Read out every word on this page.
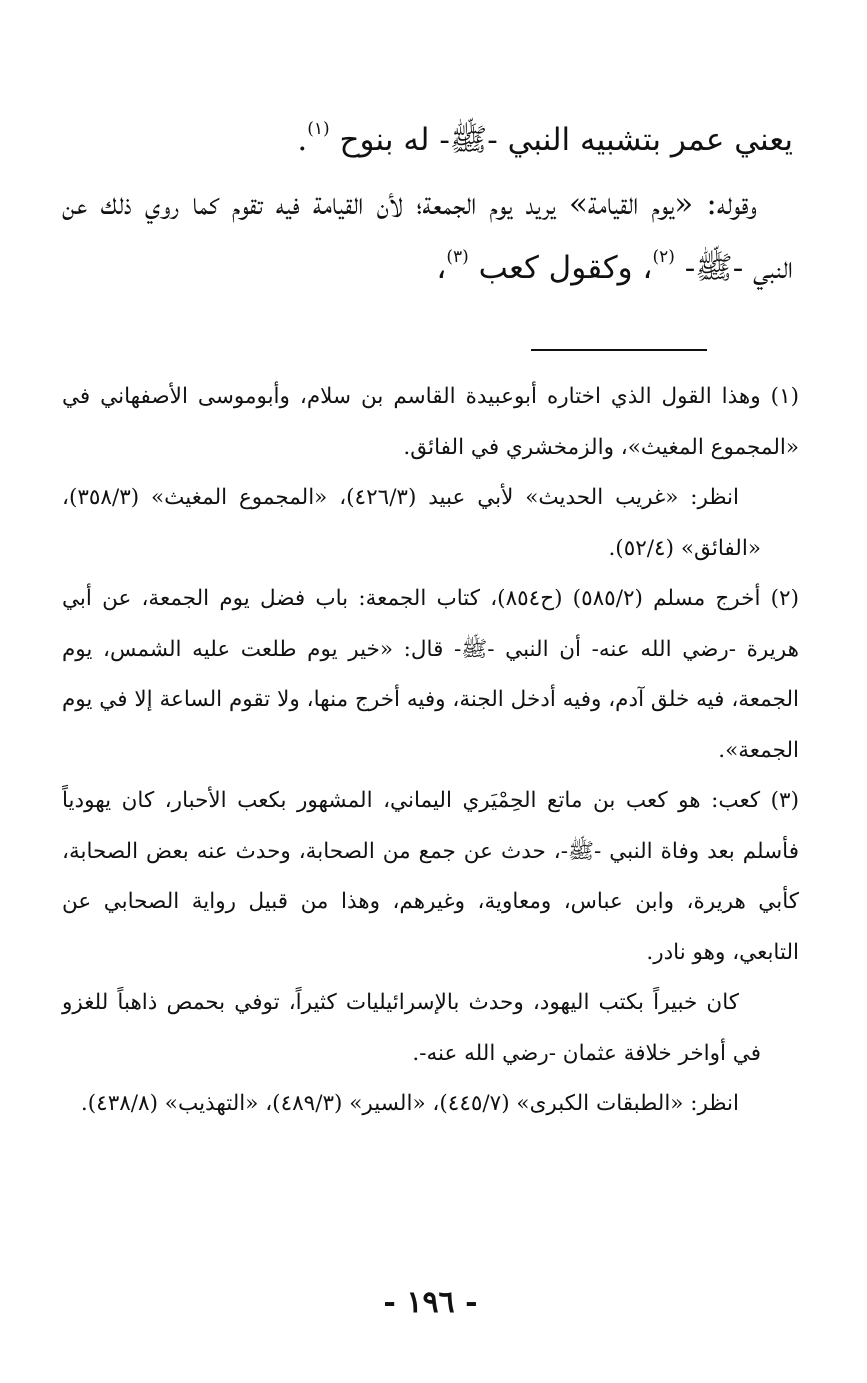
يعني عمر بتشبيه النبي -ﷺ- له بنوح $^{(١)}$.

وقوله: «يوم القيامة» يريد يوم الجمعة؛ لأن القيامة فيه تقوم كما روي ذلك عن النبي -ﷺ- $^{(٢)}$، وكقول كعب $^{(٣)}$،

(١) وهذا القول الذي اختاره أبوعبيدة القاسم بن سلام، وأبوموسى الأصفهاني في «المجموع المغيث»، والزمخشري في الفائق.

انظر: «غريب الحديث» لأبي عبيد (٤٢٦/٣)، «المجموع المغيث» (٣٥٨/٣)، «الفائق» (٥٢/٤).

(٢) أخرج مسلم (٥٨٥/٢) (ح٨٥٤)، كتاب الجمعة: باب فضل يوم الجمعة، عن أبي هريرة -رضي الله عنه- أن النبي -ﷺ- قال: «خير يوم طلعت عليه الشمس، يوم الجمعة، فيه خلق آدم، وفيه أدخل الجنة، وفيه أخرج منها، ولا تقوم الساعة إلا في يوم الجمعة».

(٣) كعب: هو كعب بن ماتع الحِمْيَري اليماني، المشهور بكعب الأحبار، كان يهودياً فأسلم بعد وفاة النبي -ﷺ-، حدث عن جمع من الصحابة، وحدث عنه بعض الصحابة، كأبي هريرة، وابن عباس، ومعاوية، وغيرهم، وهذا من قبيل رواية الصحابي عن التابعي، وهو نادر.

كان خبيراً بكتب اليهود، وحدث بالإسرائيليات كثيراً، توفي بحمص ذاهباً للغزو في أواخر خلافة عثمان -رضي الله عنه-.

انظر: «الطبقات الكبرى» (٤٤٥/٧)، «السير» (٤٨٩/٣)، «التهذيب» (٤٣٨/٨).

- ١٩٦ -
